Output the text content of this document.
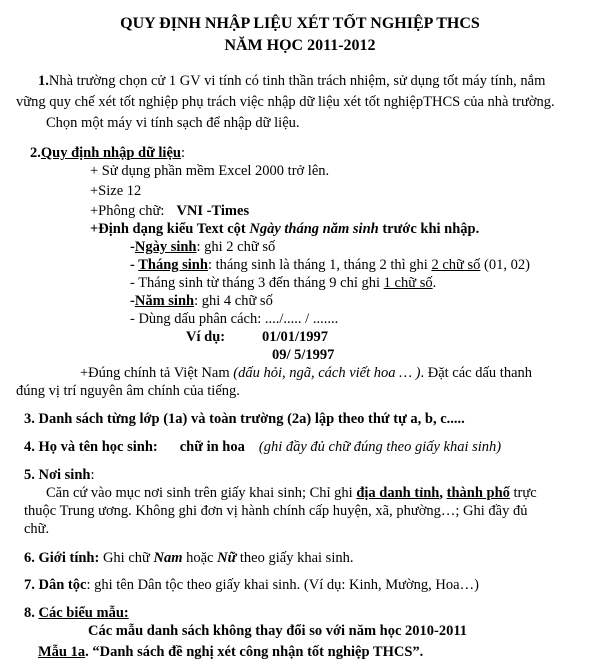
QUY ĐỊNH NHẬP LIỆU XÉT TỐT NGHIỆP THCS
NĂM HỌC 2011-2012
1.Nhà trường chọn cử 1 GV vi tính có tinh thần trách nhiệm, sử dụng tốt máy tính, nắm
vững quy chế xét tốt nghiệp phụ trách việc nhập dữ liệu xét tốt nghiệpTHCS của nhà trường.
Chọn một máy vi tính sạch để nhập dữ liệu.
2.Quy định nhập dữ liệu:
+ Sử dụng phần mềm Excel 2000 trở lên.
+Size 12
+Phông chữ: VNI -Times
+Định dạng kiểu Text cột Ngày tháng năm sinh trước khi nhập.
-Ngày sinh: ghi 2 chữ số
- Tháng sinh: tháng sinh là tháng 1, tháng 2 thì ghi 2 chữ số (01, 02)
- Tháng sinh từ tháng 3 đến tháng 9 chỉ ghi 1 chữ số.
-Năm sinh: ghi 4 chữ số
- Dùng dấu phân cách: ..../..... / .......
Ví dụ:	01/01/1997
09/ 5/1997
+Đúng chính tả Việt Nam (dấu hỏi, ngã, cách viết hoa … ). Đặt các dấu thanh
đúng vị trí nguyên âm chính của tiếng.
3. Danh sách từng lớp (1a) và toàn trường (2a) lập theo thứ tự a, b, c.....
4. Họ và tên học sinh: chữ in hoa (ghi đầy đủ chữ đúng theo giấy khai sinh)
5. Nơi sinh:
Căn cứ vào mục nơi sinh trên giấy khai sinh; Chỉ ghi địa danh tỉnh, thành phố trực
thuộc Trung ương. Không ghi đơn vị hành chính cấp huyện, xã, phường…; Ghi đầy đủ
chữ.
6. Giới tính: Ghi chữ Nam hoặc Nữ theo giấy khai sinh.
7. Dân tộc: ghi tên Dân tộc theo giấy khai sinh. (Ví dụ: Kinh, Mường, Hoa…)
8. Các biểu mẫu:
Các mẫu danh sách không thay đổi so với năm học 2010-2011
Mẫu 1a. “Danh sách đề nghị xét công nhận tốt nghiệp THCS”.
